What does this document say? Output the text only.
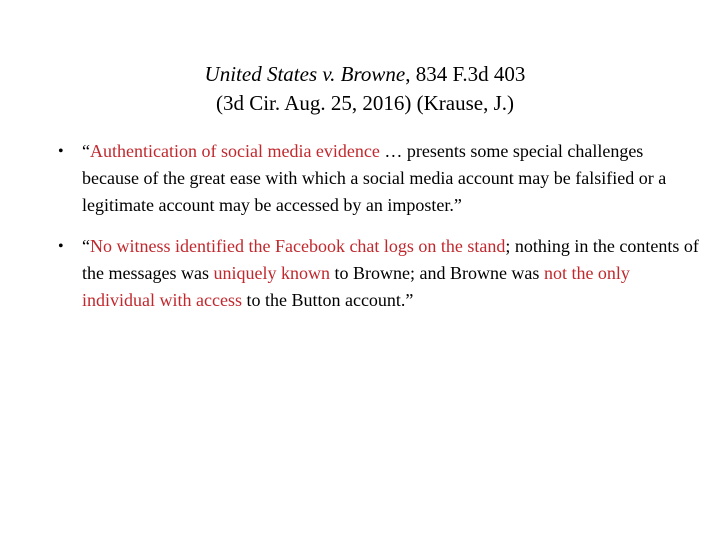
United States v. Browne, 834 F.3d 403
(3d Cir. Aug. 25, 2016) (Krause, J.)
• “Authentication of social media evidence … presents some special challenges because of the great ease with which a social media account may be falsified or a legitimate account may be accessed by an imposter.”
• “No witness identified the Facebook chat logs on the stand; nothing in the contents of the messages was uniquely known to Browne; and Browne was not the only individual with access to the Button account.”
